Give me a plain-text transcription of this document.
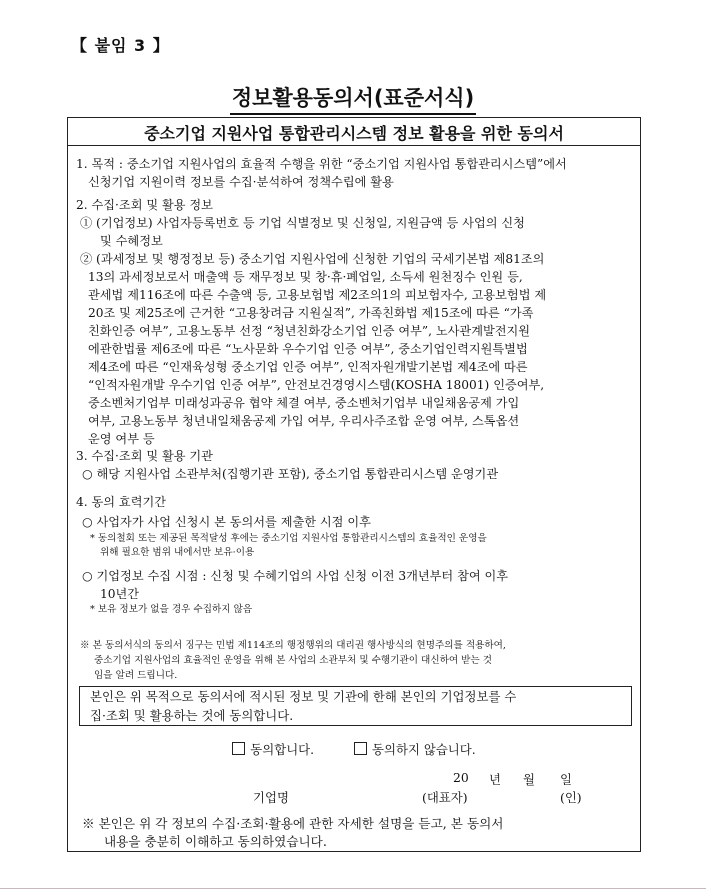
【 붙임 3 】
정보활용동의서(표준서식)
중소기업 지원사업 통합관리시스템 정보 활용을 위한 동의서
1. 목적 : 중소기업 지원사업의 효율적 수행을 위한 “중소기업 지원사업 통합관리시스템”에서
신청기업 지원이력 정보를 수집·분석하여 정책수립에 활용
2. 수집·조회 및 활용 정보
① (기업정보) 사업자등록번호 등 기업 식별정보 및 신청일, 지원금액 등 사업의 신청
및 수혜정보
② (과세정보 및 행정정보 등) 중소기업 지원사업에 신청한 기업의 국세기본법 제81조의
13의 과세정보로서 매출액 등 재무정보 및 창·휴·폐업일, 소득세 원천징수 인원 등,
관세법 제116조에 따른 수출액 등, 고용보험법 제2조의1의 피보험자수, 고용보험법 제
20조 및 제25조에 근거한 “고용창려금 지원실적”, 가족친화법 제15조에 따른 “가족
친화인증 여부”, 고용노동부 선정 “청년친화강소기업 인증 여부”, 노사관계발전지원
에관한법률 제6조에 따른 “노사문화 우수기업 인증 여부”, 중소기업인력지원특별법
제4조에 따른 “인재육성형 중소기업 인증 여부”, 인적자원개발기본법 제4조에 따른
“인적자원개발 우수기업 인증 여부”, 안전보건경영시스템(KOSHA 18001) 인증여부,
중소벤처기업부 미래성과공유 협약 체결 여부, 중소벤처기업부 내일채움공제 가입
여부, 고용노동부 청년내일채움공제 가입 여부, 우리사주조합 운영 여부, 스톡옵션
운영 여부 등
3. 수집·조회 및 활용 기관
○ 해당 지원사업 소관부처(집행기관 포함), 중소기업 통합관리시스템 운영기관
4. 동의 효력기간
○ 사업자가 사업 신청시 본 동의서를 제출한 시점 이후
* 동의철회 또는 제공된 목적달성 후에는 중소기업 지원사업 통합관리시스템의 효율적인 운영을
위해 필요한 범위 내에서만 보유·이용
○ 기업정보 수집 시점 : 신청 및 수혜기업의 사업 신청 이전 3개년부터 참여 이후
10년간
* 보유 정보가 없을 경우 수집하지 않음
※ 본 동의서식의 동의서 징구는 민법 제114조의 행정행위의 대리권 행사방식의 현명주의를 적용하여,
중소기업 지원사업의 효율적인 운영을 위해 본 사업의 소관부처 및 수행기관이 대신하여 받는 것
임을 알려 드립니다.
본인은 위 목적으로 동의서에 적시된 정보 및 기관에 한해 본인의 기업정보를 수
집·조회 및 활용하는 것에 동의합니다.
동의합니다.	동의하지 않습니다.
20 년 월 일
기업명	(대표자)	(인)
※ 본인은 위 각 정보의 수집·조회·활용에 관한 자세한 설명을 듣고, 본 동의서
내용을 충분히 이해하고 동의하였습니다.
